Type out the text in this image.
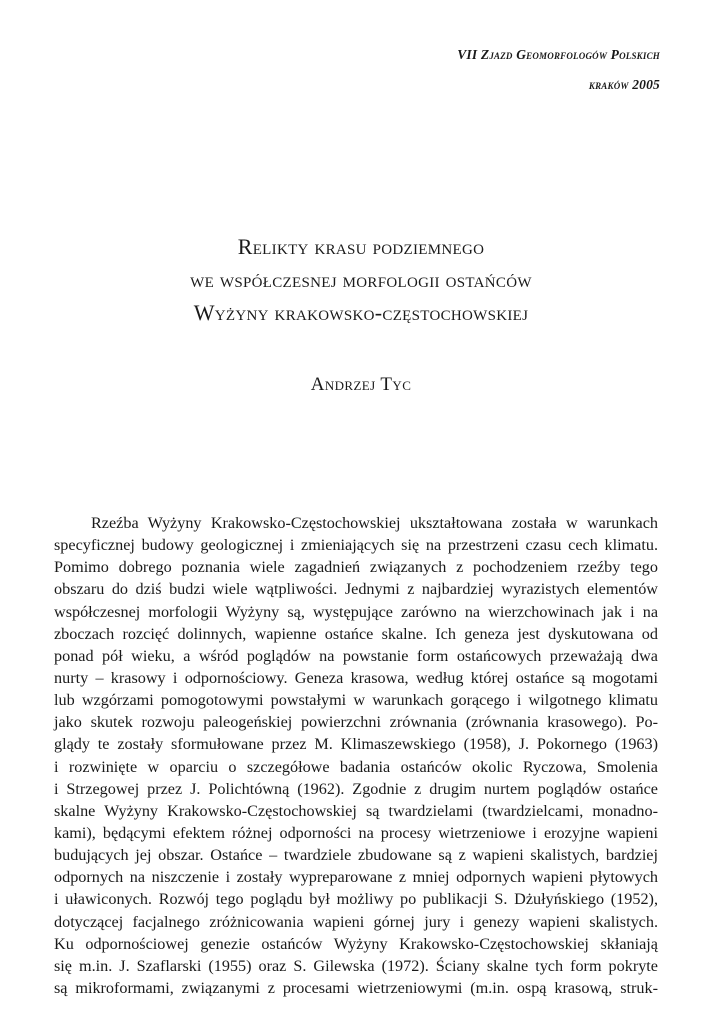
VII Zjazd Geomorfologów Polskich
kraków 2005
Relikty krasu podziemnego
we współczesnej morfologii ostańców
Wyżyny krakowsko-częstochowskiej
Andrzej Tyc
Rzeźba Wyżyny Krakowsko-Częstochowskiej ukształtowana została w warunkach
specyficznej budowy geologicznej i zmieniających się na przestrzeni czasu cech klimatu.
Pomimo dobrego poznania wiele zagadnień związanych z pochodzeniem rzeźby tego
obszaru do dziś budzi wiele wątpliwości. Jednymi z najbardziej wyrazistych elementów
współczesnej morfologii Wyżyny są, występujące zarówno na wierzchowinach jak i na
zboczach rozcięć dolinnych, wapienne ostańce skalne. Ich geneza jest dyskutowana od
ponad pół wieku, a wśród poglądów na powstanie form ostańcowych przeważają dwa
nurty – krasowy i odpornościowy. Geneza krasowa, według której ostańce są mogotami
lub wzgórzami pomogotowymi powstałymi w warunkach gorącego i wilgotnego klimatu
jako skutek rozwoju paleogeńskiej powierzchni zrównania (zrównania krasowego). Po-
glądy te zostały sformułowane przez M. Klimaszewskiego (1958), J. Pokornego (1963)
i rozwinięte w oparciu o szczegółowe badania ostańców okolic Ryczowa, Smolenia
i Strzegowej przez J. Polichtówną (1962). Zgodnie z drugim nurtem poglądów ostańce
skalne Wyżyny Krakowsko-Częstochowskiej są twardzielami (twardzielcami, monadno-
kami), będącymi efektem różnej odporności na procesy wietrzeniowe i erozyjne wapieni
budujących jej obszar. Ostańce – twardziele zbudowane są z wapieni skalistych, bardziej
odpornych na niszczenie i zostały wypreparowane z mniej odpornych wapieni płytowych
i uławiconych. Rozwój tego poglądu był możliwy po publikacji S. Dżułyńskiego (1952),
dotyczącej facjalnego zróżnicowania wapieni górnej jury i genezy wapieni skalistych.
Ku odpornościowej genezie ostańców Wyżyny Krakowsko-Częstochowskiej skłaniają
się m.in. J. Szaflarski (1955) oraz S. Gilewska (1972). Ściany skalne tych form pokryte
są mikroformami, związanymi z procesami wietrzeniowymi (m.in. ospą krasową, struk-
